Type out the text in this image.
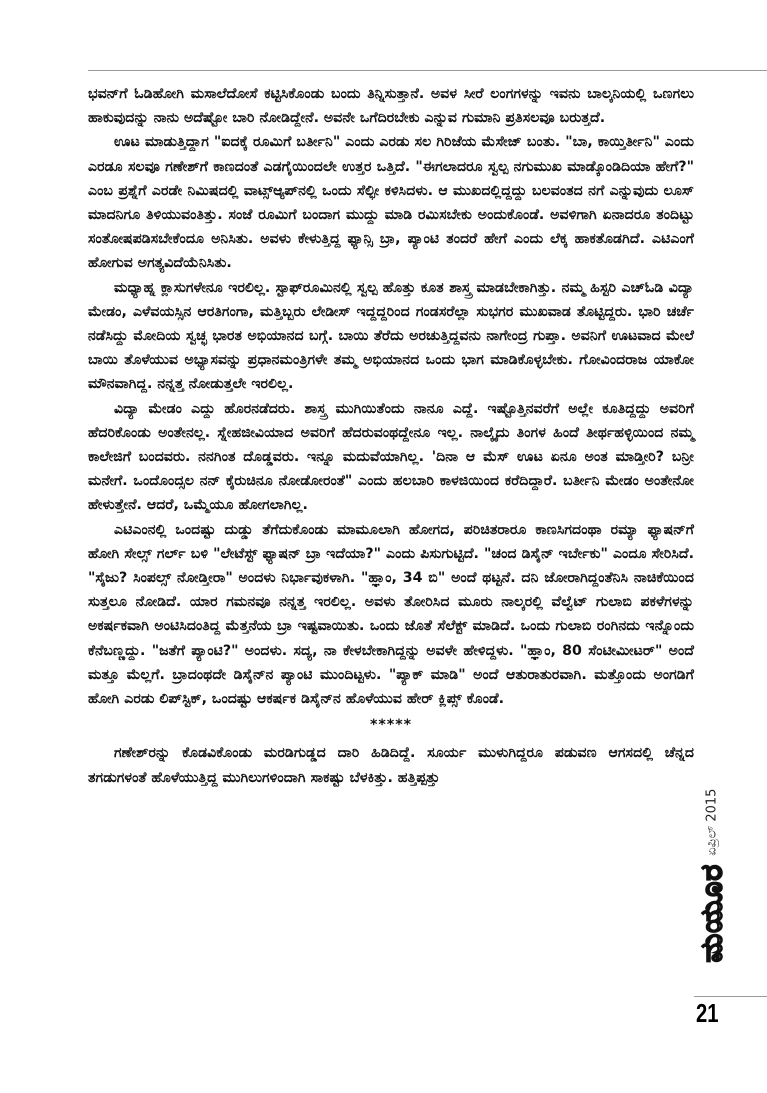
ಭವನ್‌ಗೆ ಓಡಿಹೋಗಿ ಮಸಾಲೆದೋಸೆ ಕಟ್ಟಿಸಿಕೊಂಡು ಬಂದು ತಿನ್ನಿಸುತ್ತಾನೆ. ಅವಳ ಸೀರೆ ಲಂಗಗಳನ್ನು ಇವನು ಬಾಲ್ಕನಿಯಲ್ಲಿ ಒಣಗಲು ಹಾಕುವುದನ್ನು ನಾನು ಅದೆಷ್ಟೋ ಬಾರಿ ನೋಡಿದ್ದೇನೆ. ಅವನೇ ಒಗೆದಿರಬೇಕು ಎನ್ನುವ ಗುಮಾನಿ ಪ್ರತಿಸಲವೂ ಬರುತ್ತದೆ.

ಊಟ ಮಾಡುತ್ತಿದ್ದಾಗ "ಐದಕ್ಕೆ ರೂಮಿಗೆ ಬರ್ತೀನಿ" ಎಂದು ಎರಡು ಸಲ ಗಿರಿಜೆಯ ಮೆಸೇಜ್ ಬಂತು. "ಬಾ, ಕಾಯ್ತಿರ್ತೀನಿ" ಎಂದು ಎರಡೂ ಸಲವೂ ಗಣೇಶ್‌ಗೆ ಕಾಣದಂತೆ ಎಡಗೈಯಿಂದಲೇ ಉತ್ತರ ಒತ್ತಿದೆ. "ಈಗಲಾದರೂ ಸ್ವಲ್ಪ ನಗುಮುಖ ಮಾಡ್ಕೊಂಡಿದಿಯಾ ಹೇಗೆ?" ಎಂಬ ಪ್ರಶ್ನೆಗೆ ಎರಡೇ ನಿಮಿಷದಲ್ಲಿ ವಾಟ್ಸ್‌ಆ್ಯಪ್‌ನಲ್ಲಿ ಒಂದು ಸೆಲ್ಫೀ ಕಳಿಸಿದಳು. ಆ ಮುಖದಲ್ಲಿದ್ದದ್ದು ಬಲವಂತದ ನಗೆ ಎನ್ನುವುದು ಲೂಸ್ ಮಾದನಿಗೂ ತಿಳಿಯುವಂತಿತ್ತು. ಸಂಜೆ ರೂಮಿಗೆ ಬಂದಾಗ ಮುದ್ದು ಮಾಡಿ ರಮಿಸಬೇಕು ಅಂದುಕೊಂಡೆ. ಅವಳಿಗಾಗಿ ಏನಾದರೂ ತಂದಿಟ್ಟು ಸಂತೋಷಪಡಿಸಬೇಕೆಂದೂ ಅನಿಸಿತು. ಅವಳು ಕೇಳುತ್ತಿದ್ದ ಫ್ಯಾನ್ಸಿ ಬ್ರಾ, ಪ್ಯಾಂಟಿ ತಂದರೆ ಹೇಗೆ ಎಂದು ಲೆಕ್ಕ ಹಾಕತೊಡಗಿದೆ. ಎಟಿಎಂಗೆ ಹೋಗುವ ಅಗತ್ಯವಿದೆಯೆನಿಸಿತು.

ಮಧ್ಯಾಹ್ನ ಕ್ಲಾಸುಗಳೇನೂ ಇರಲಿಲ್ಲ. ಸ್ಟಾಫ್‌ರೂಮಿನಲ್ಲಿ ಸ್ವಲ್ಪ ಹೊತ್ತು ಕೂತ ಶಾಸ್ತ್ರ ಮಾಡಬೇಕಾಗಿತ್ತು. ನಮ್ಮ ಹಿಸ್ಟರಿ ಎಚ್‌ಓಡಿ ವಿದ್ಯಾ ಮೇಡಂ, ಎಳೆವಯಸ್ಸಿನ ಆರತಿಗಂಗಾ, ಮತ್ತಿಬ್ಬರು ಲೇಡೀಸ್ ಇದ್ದದ್ದರಿಂದ ಗಂಡಸರೆಲ್ಲಾ ಸುಭಗರ ಮುಖವಾಡ ತೊಟ್ಟಿದ್ದರು. ಭಾರಿ ಚರ್ಚೆ ನಡೆಸಿದ್ದು ಮೋದಿಯ ಸ್ವಚ್ಛ ಭಾರತ ಅಭಿಯಾನದ ಬಗ್ಗೆ. ಬಾಯಿ ತೆರೆದು ಅರಚುತ್ತಿದ್ದವನು ನಾಗೇಂದ್ರ ಗುಪ್ತಾ. ಅವನಿಗೆ ಊಟವಾದ ಮೇಲೆ ಬಾಯಿ ತೊಳೆಯುವ ಅಭ್ಯಾಸವನ್ನು ಪ್ರಧಾನಮಂತ್ರಿಗಳೇ ತಮ್ಮ ಅಭಿಯಾನದ ಒಂದು ಭಾಗ ಮಾಡಿಕೊಳ್ಳಬೇಕು. ಗೋವಿಂದರಾಜ ಯಾಕೋ ಮೌನವಾಗಿದ್ದ. ನನ್ನತ್ತ ನೋಡುತ್ತಲೇ ಇರಲಿಲ್ಲ.

ವಿದ್ಯಾ ಮೇಡಂ ಎದ್ದು ಹೊರನಡೆದರು. ಶಾಸ್ತ್ರ ಮುಗಿಯಿತೆಂದು ನಾನೂ ಎದ್ದೆ. ಇಷ್ಟೊತ್ತಿನವರೆಗೆ ಅಲ್ಲೇ ಕೂತಿದ್ದದ್ದು ಅವರಿಗೆ ಹೆದರಿಕೊಂಡು ಅಂತೇನಲ್ಲ. ಸ್ನೇಹಜೀವಿಯಾದ ಅವರಿಗೆ ಹೆದರುವಂಥದ್ದೇನೂ ಇಲ್ಲ. ನಾಲ್ಕೈದು ತಿಂಗಳ ಹಿಂದೆ ತೀರ್ಥಹಳ್ಳಿಯಿಂದ ನಮ್ಮ ಕಾಲೇಜಿಗೆ ಬಂದವರು. ನನಗಿಂತ ದೊಡ್ಡವರು. ಇನ್ನೂ ಮದುವೆಯಾಗಿಲ್ಲ. 'ದಿನಾ ಆ ಮೆಸ್ ಊಟ ಏನೂ ಅಂತ ಮಾಡ್ತೀರಿ? ಬನ್ರೀ ಮನೇಗೆ. ಒಂದೊಂದ್ಸಲ ನನ್ ಕೈರುಚಿನೂ ನೋಡೋರಂತೆ" ಎಂದು ಹಲಬಾರಿ ಕಾಳಜಿಯಿಂದ ಕರೆದಿದ್ದಾರೆ. ಬರ್ತೀನಿ ಮೇಡಂ ಅಂತೇನೋ ಹೇಳುತ್ತೇನೆ. ಆದರೆ, ಒಮ್ಮೆಯೂ ಹೋಗಲಾಗಿಲ್ಲ.

ಎಟಿಎಂನಲ್ಲಿ ಒಂದಷ್ಟು ದುಡ್ಡು ತೆಗೆದುಕೊಂಡು ಮಾಮೂಲಾಗಿ ಹೋಗದ, ಪರಿಚಿತರಾರೂ ಕಾಣಸಿಗದಂಥಾ ರಮ್ಯಾ ಫ್ಯಾಷನ್‌ಗೆ ಹೋಗಿ ಸೇಲ್ಸ್ ಗರ್ಲ್ ಬಳಿ "ಲೇಟೆಸ್ಟ್ ಫ್ಯಾಷನ್ ಬ್ರಾ ಇದೆಯಾ?" ಎಂದು ಪಿಸುಗುಟ್ಟಿದೆ. "ಚಂದ ಡಿಸೈನ್ ಇರ್ಬೇಕು" ಎಂದೂ ಸೇರಿಸಿದೆ. "ಸೈಜು? ಸಿಂಪಲ್ಸ್ ನೋಡ್ತೀರಾ" ಅಂದಳು ನಿರ್ಭಾವುಕಳಾಗಿ. "ಹ್ಞಾಂ, 34 ಬಿ" ಅಂದೆ ಥಟ್ಟನೆ. ದನಿ ಜೋರಾಗಿದ್ದಂತೆನಿಸಿ ನಾಚಿಕೆಯಿಂದ ಸುತ್ತಲೂ ನೋಡಿದೆ. ಯಾರ ಗಮನವೂ ನನ್ನತ್ತ ಇರಲಿಲ್ಲ. ಅವಳು ತೋರಿಸಿದ ಮೂರು ನಾಲ್ಕರಲ್ಲಿ ವೆಲ್ವೆಟ್ ಗುಲಾಬಿ ಪಕಳೆಗಳನ್ನು ಅಕರ್ಷಕವಾಗಿ ಅಂಟಿಸಿದಂತಿದ್ದ ಮೆತ್ತನೆಯ ಬ್ರಾ ಇಷ್ಟವಾಯಿತು. ಒಂದು ಜೊತೆ ಸೆಲೆಕ್ಟ್ ಮಾಡಿದೆ. ಒಂದು ಗುಲಾಬಿ ರಂಗಿನದು ಇನ್ನೊಂದು ಕೆನೆಬಣ್ಣದ್ದು. "ಜತೆಗೆ ಪ್ಯಾಂಟಿ?" ಅಂದಳು. ಸದ್ಯ, ನಾ ಕೇಳಬೇಕಾಗಿದ್ದನ್ನು ಅವಳೇ ಹೇಳಿದ್ದಳು. "ಹ್ಞಾಂ, 80 ಸೆಂಟೀಮೀಟರ್" ಅಂದೆ ಮತ್ತೂ ಮೆಲ್ಲಗೆ. ಬ್ರಾದಂಥದೇ ಡಿಸೈನ್‌ನ ಪ್ಯಾಂಟಿ ಮುಂದಿಟ್ಟಳು. "ಪ್ಯಾಕ್ ಮಾಡಿ" ಅಂದೆ ಆತುರಾತುರವಾಗಿ. ಮತ್ತೊಂದು ಅಂಗಡಿಗೆ ಹೋಗಿ ಎರಡು ಲಿಪ್‌ಸ್ಟಿಕ್, ಒಂದಷ್ಟು ಆಕರ್ಷಕ ಡಿಸೈನ್‌ನ ಹೊಳೆಯುವ ಹೇರ್ ಕ್ಲಿಪ್ಸ್ ಕೊಂಡೆ.

*****

ಗಣೇಶ್‌ರನ್ನು ಕೊಡವಿಕೊಂಡು ಮರಡಿಗುಡ್ಡದ ದಾರಿ ಹಿಡಿದಿದ್ದೆ. ಸೂರ್ಯ ಮುಳುಗಿದ್ದರೂ ಪಡುವಣ ಆಗಸದಲ್ಲಿ ಚೆನ್ನದ ತಗಡುಗಳಂತೆ ಹೊಳೆಯುತ್ತಿದ್ದ ಮುಗಿಲುಗಳಿಂದಾಗಿ ಸಾಕಷ್ಟು ಬೆಳಕಿತ್ತು. ಹತ್ತಿಪ್ಪತ್ತು

ಮಯೂರ
ಏಪ್ರಿಲ್ 2015
21
